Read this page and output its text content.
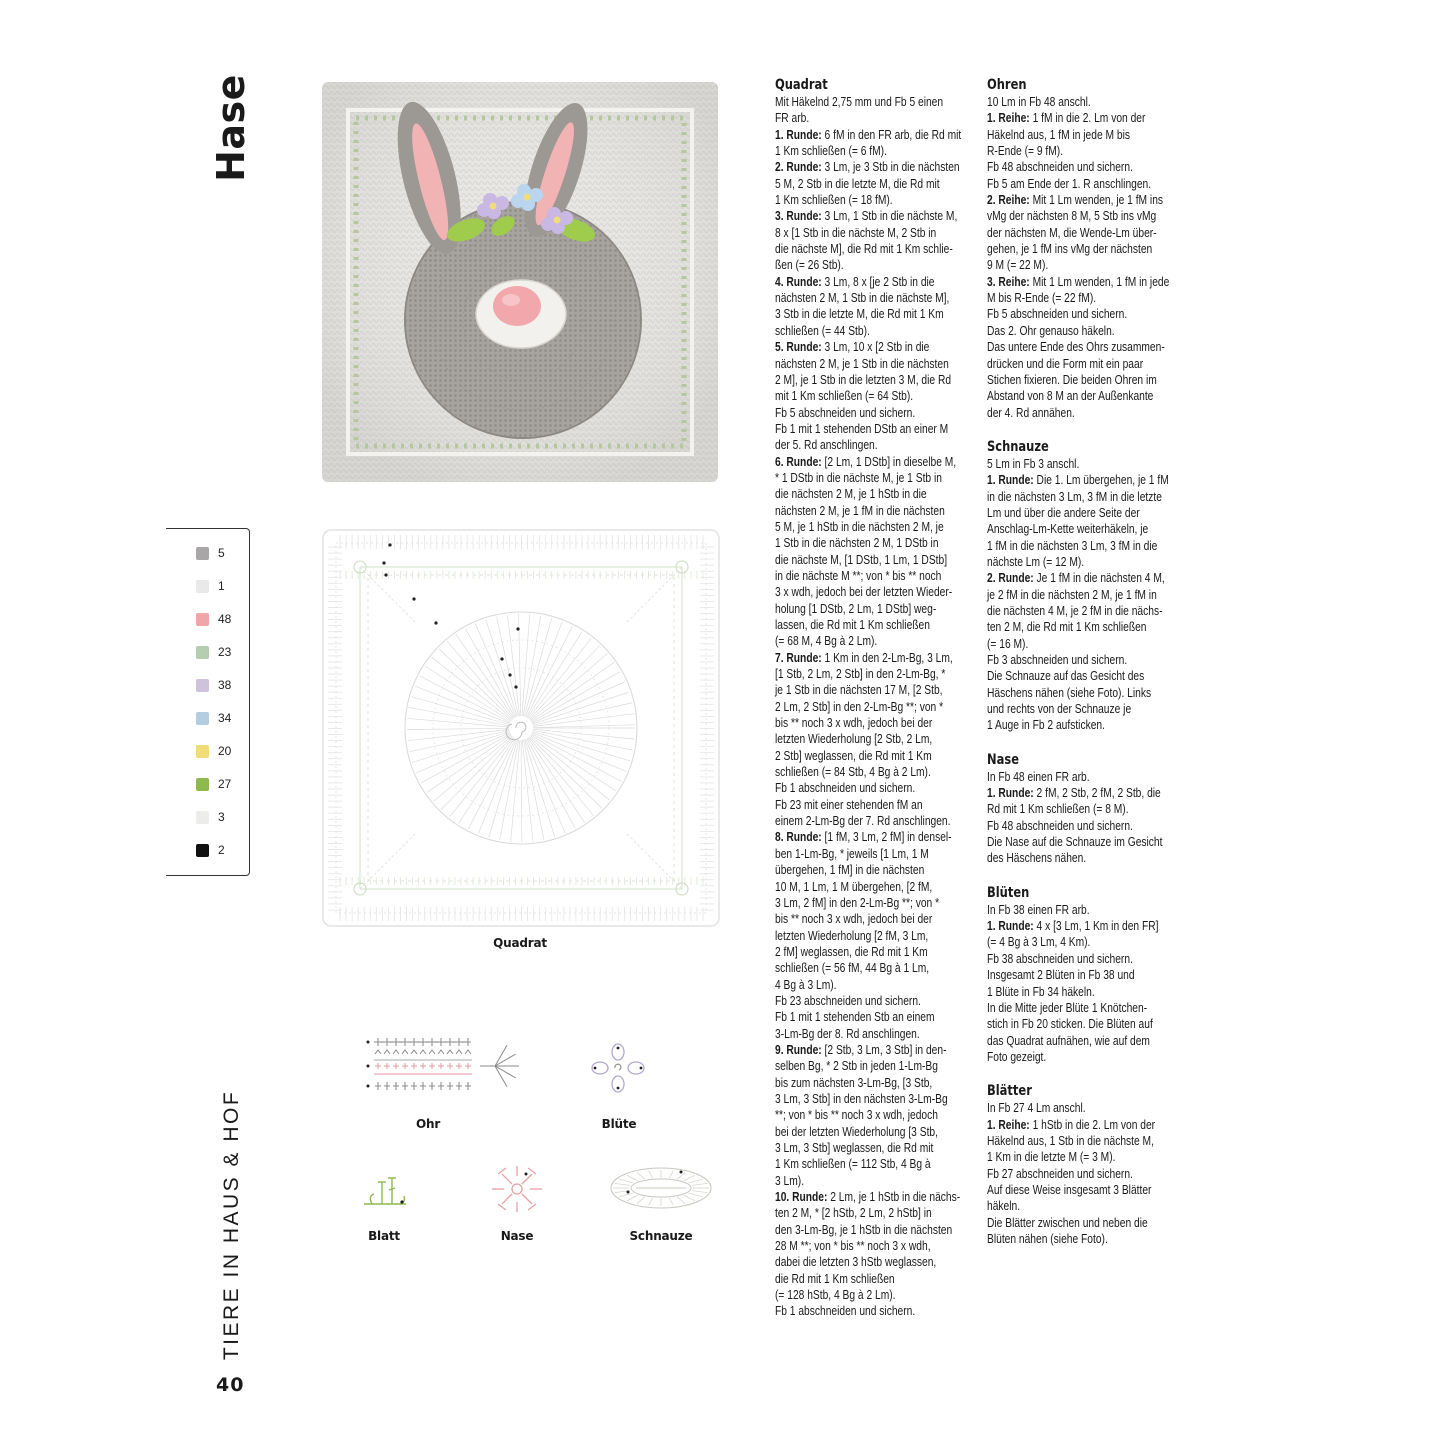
Hase
5
1
48
23
38
34
20
27
3
2
TIERE IN HAUS & HOF
40
Quadrat
Ohr	Blüte
Blatt	Nase	Schnauze
Quadrat
Mit Häkelnd 2,75 mm und Fb 5 einen
FR arb.
1. Runde: 6 fM in den FR arb, die Rd mit
1 Km schließen (= 6 fM).
2. Runde: 3 Lm, je 3 Stb in die nächsten
5 M, 2 Stb in die letzte M, die Rd mit
1 Km schließen (= 18 fM).
3. Runde: 3 Lm, 1 Stb in die nächste M,
8 x [1 Stb in die nächste M, 2 Stb in
die nächste M], die Rd mit 1 Km schlie-
ßen (= 26 Stb).
4. Runde: 3 Lm, 8 x [je 2 Stb in die
nächsten 2 M, 1 Stb in die nächste M],
3 Stb in die letzte M, die Rd mit 1 Km
schließen (= 44 Stb).
5. Runde: 3 Lm, 10 x [2 Stb in die
nächsten 2 M, je 1 Stb in die nächsten
2 M], je 1 Stb in die letzten 3 M, die Rd
mit 1 Km schließen (= 64 Stb).
Fb 5 abschneiden und sichern.
Fb 1 mit 1 stehenden DStb an einer M
der 5. Rd anschlingen.
6. Runde: [2 Lm, 1 DStb] in dieselbe M,
* 1 DStb in die nächste M, je 1 Stb in
die nächsten 2 M, je 1 hStb in die
nächsten 2 M, je 1 fM in die nächsten
5 M, je 1 hStb in die nächsten 2 M, je
1 Stb in die nächsten 2 M, 1 DStb in
die nächste M, [1 DStb, 1 Lm, 1 DStb]
in die nächste M **; von * bis ** noch
3 x wdh, jedoch bei der letzten Wieder-
holung [1 DStb, 2 Lm, 1 DStb] weg-
lassen, die Rd mit 1 Km schließen
(= 68 M, 4 Bg à 2 Lm).
7. Runde: 1 Km in den 2-Lm-Bg, 3 Lm,
[1 Stb, 2 Lm, 2 Stb] in den 2-Lm-Bg, *
je 1 Stb in die nächsten 17 M, [2 Stb,
2 Lm, 2 Stb] in den 2-Lm-Bg **; von *
bis ** noch 3 x wdh, jedoch bei der
letzten Wiederholung [2 Stb, 2 Lm,
2 Stb] weglassen, die Rd mit 1 Km
schließen (= 84 Stb, 4 Bg à 2 Lm).
Fb 1 abschneiden und sichern.
Fb 23 mit einer stehenden fM an
einem 2-Lm-Bg der 7. Rd anschlingen.
8. Runde: [1 fM, 3 Lm, 2 fM] in densel-
ben 1-Lm-Bg, * jeweils [1 Lm, 1 M
übergehen, 1 fM] in die nächsten
10 M, 1 Lm, 1 M übergehen, [2 fM,
3 Lm, 2 fM] in den 2-Lm-Bg **; von *
bis ** noch 3 x wdh, jedoch bei der
letzten Wiederholung [2 fM, 3 Lm,
2 fM] weglassen, die Rd mit 1 Km
schließen (= 56 fM, 44 Bg à 1 Lm,
4 Bg à 3 Lm).
Fb 23 abschneiden und sichern.
Fb 1 mit 1 stehenden Stb an einem
3-Lm-Bg der 8. Rd anschlingen.
9. Runde: [2 Stb, 3 Lm, 3 Stb] in den-
selben Bg, * 2 Stb in jeden 1-Lm-Bg
bis zum nächsten 3-Lm-Bg, [3 Stb,
3 Lm, 3 Stb] in den nächsten 3-Lm-Bg
**; von * bis ** noch 3 x wdh, jedoch
bei der letzten Wiederholung [3 Stb,
3 Lm, 3 Stb] weglassen, die Rd mit
1 Km schließen (= 112 Stb, 4 Bg à
3 Lm).
10. Runde: 2 Lm, je 1 hStb in die nächs-
ten 2 M, * [2 hStb, 2 Lm, 2 hStb] in
den 3-Lm-Bg, je 1 hStb in die nächsten
28 M **; von * bis ** noch 3 x wdh,
dabei die letzten 3 hStb weglassen,
die Rd mit 1 Km schließen
(= 128 hStb, 4 Bg à 2 Lm).
Fb 1 abschneiden und sichern.
Ohren
10 Lm in Fb 48 anschl.
1. Reihe: 1 fM in die 2. Lm von der
Häkelnd aus, 1 fM in jede M bis
R-Ende (= 9 fM).
Fb 48 abschneiden und sichern.
Fb 5 am Ende der 1. R anschlingen.
2. Reihe: Mit 1 Lm wenden, je 1 fM ins
vMg der nächsten 8 M, 5 Stb ins vMg
der nächsten M, die Wende-Lm über-
gehen, je 1 fM ins vMg der nächsten
9 M (= 22 M).
3. Reihe: Mit 1 Lm wenden, 1 fM in jede
M bis R-Ende (= 22 fM).
Fb 5 abschneiden und sichern.
Das 2. Ohr genauso häkeln.
Das untere Ende des Ohrs zusammen-
drücken und die Form mit ein paar
Stichen fixieren. Die beiden Ohren im
Abstand von 8 M an der Außenkante
der 4. Rd annähen.
Schnauze
5 Lm in Fb 3 anschl.
1. Runde: Die 1. Lm übergehen, je 1 fM
in die nächsten 3 Lm, 3 fM in die letzte
Lm und über die andere Seite der
Anschlag-Lm-Kette weiterhäkeln, je
1 fM in die nächsten 3 Lm, 3 fM in die
nächste Lm (= 12 M).
2. Runde: Je 1 fM in die nächsten 4 M,
je 2 fM in die nächsten 2 M, je 1 fM in
die nächsten 4 M, je 2 fM in die nächs-
ten 2 M, die Rd mit 1 Km schließen
(= 16 M).
Fb 3 abschneiden und sichern.
Die Schnauze auf das Gesicht des
Häschens nähen (siehe Foto). Links
und rechts von der Schnauze je
1 Auge in Fb 2 aufsticken.
Nase
In Fb 48 einen FR arb.
1. Runde: 2 fM, 2 Stb, 2 fM, 2 Stb, die
Rd mit 1 Km schließen (= 8 M).
Fb 48 abschneiden und sichern.
Die Nase auf die Schnauze im Gesicht
des Häschens nähen.
Blüten
In Fb 38 einen FR arb.
1. Runde: 4 x [3 Lm, 1 Km in den FR]
(= 4 Bg à 3 Lm, 4 Km).
Fb 38 abschneiden und sichern.
Insgesamt 2 Blüten in Fb 38 und
1 Blüte in Fb 34 häkeln.
In die Mitte jeder Blüte 1 Knötchen-
stich in Fb 20 sticken. Die Blüten auf
das Quadrat aufnähen, wie auf dem
Foto gezeigt.
Blätter
In Fb 27 4 Lm anschl.
1. Reihe: 1 hStb in die 2. Lm von der
Häkelnd aus, 1 Stb in die nächste M,
1 Km in die letzte M (= 3 M).
Fb 27 abschneiden und sichern.
Auf diese Weise insgesamt 3 Blätter
häkeln.
Die Blätter zwischen und neben die
Blüten nähen (siehe Foto).
